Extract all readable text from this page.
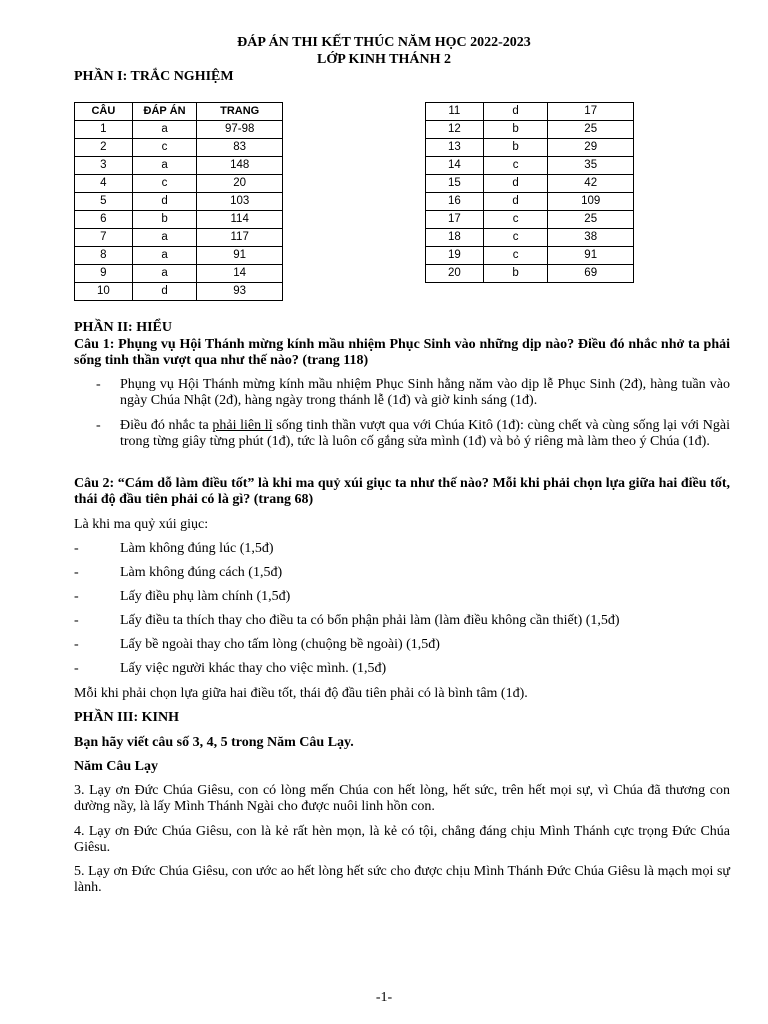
ĐÁP ÁN THI KẾT THÚC NĂM HỌC 2022-2023
LỚP KINH THÁNH 2
PHẦN I: TRẮC NGHIỆM
CÂU	ĐÁP ÁN	TRANG
1	a	97-98
2	c	83
3	a	148
4	c	20
5	d	103
6	b	114
7	a	117
8	a	91
9	a	14
10	d	93
11	d	17
12	b	25
13	b	29
14	c	35
15	d	42
16	d	109
17	c	25
18	c	38
19	c	91
20	b	69
PHẦN II: HIỂU
Câu 1: Phụng vụ Hội Thánh mừng kính mầu nhiệm Phục Sinh vào những dịp nào? Điều đó nhắc nhở ta phải sống tinh thần vượt qua như thế nào? (trang 118)
- Phụng vụ Hội Thánh mừng kính mầu nhiệm Phục Sinh hằng năm vào dịp lễ Phục Sinh (2đ), hàng tuần vào ngày Chúa Nhật (2đ), hàng ngày trong thánh lễ (1đ) và giờ kinh sáng (1đ).
- Điều đó nhắc ta phải liên lỉ sống tinh thần vượt qua với Chúa Kitô (1đ): cùng chết và cùng sống lại với Ngài trong từng giây từng phút (1đ), tức là luôn cố gắng sửa mình (1đ) và bỏ ý riêng mà làm theo ý Chúa (1đ).
Câu 2: “Cám dỗ làm điều tốt” là khi ma quỷ xúi giục ta như thế nào? Mỗi khi phải chọn lựa giữa hai điều tốt, thái độ đầu tiên phải có là gì? (trang 68)
Là khi ma quỷ xúi giục:
-	Làm không đúng lúc (1,5đ)
-	Làm không đúng cách (1,5đ)
-	Lấy điều phụ làm chính (1,5đ)
-	Lấy điều ta thích thay cho điều ta có bổn phận phải làm (làm điều không cần thiết) (1,5đ)
-	Lấy bề ngoài thay cho tấm lòng (chuộng bề ngoài) (1,5đ)
-	Lấy việc người khác thay cho việc mình. (1,5đ)
Mỗi khi phải chọn lựa giữa hai điều tốt, thái độ đầu tiên phải có là bình tâm (1đ).
PHẦN III: KINH
Bạn hãy viết câu số 3, 4, 5 trong Năm Câu Lạy.
Năm Câu Lạy
3. Lạy ơn Đức Chúa Giêsu, con có lòng mến Chúa con hết lòng, hết sức, trên hết mọi sự, vì Chúa đã thương con dường nầy, là lấy Mình Thánh Ngài cho được nuôi linh hồn con.
4. Lạy ơn Đức Chúa Giêsu, con là kẻ rất hèn mọn, là kẻ có tội, chẳng đáng chịu Mình Thánh cực trọng Đức Chúa Giêsu.
5. Lạy ơn Đức Chúa Giêsu, con ước ao hết lòng hết sức cho được chịu Mình Thánh Đức Chúa Giêsu là mạch mọi sự lành.
-1-
